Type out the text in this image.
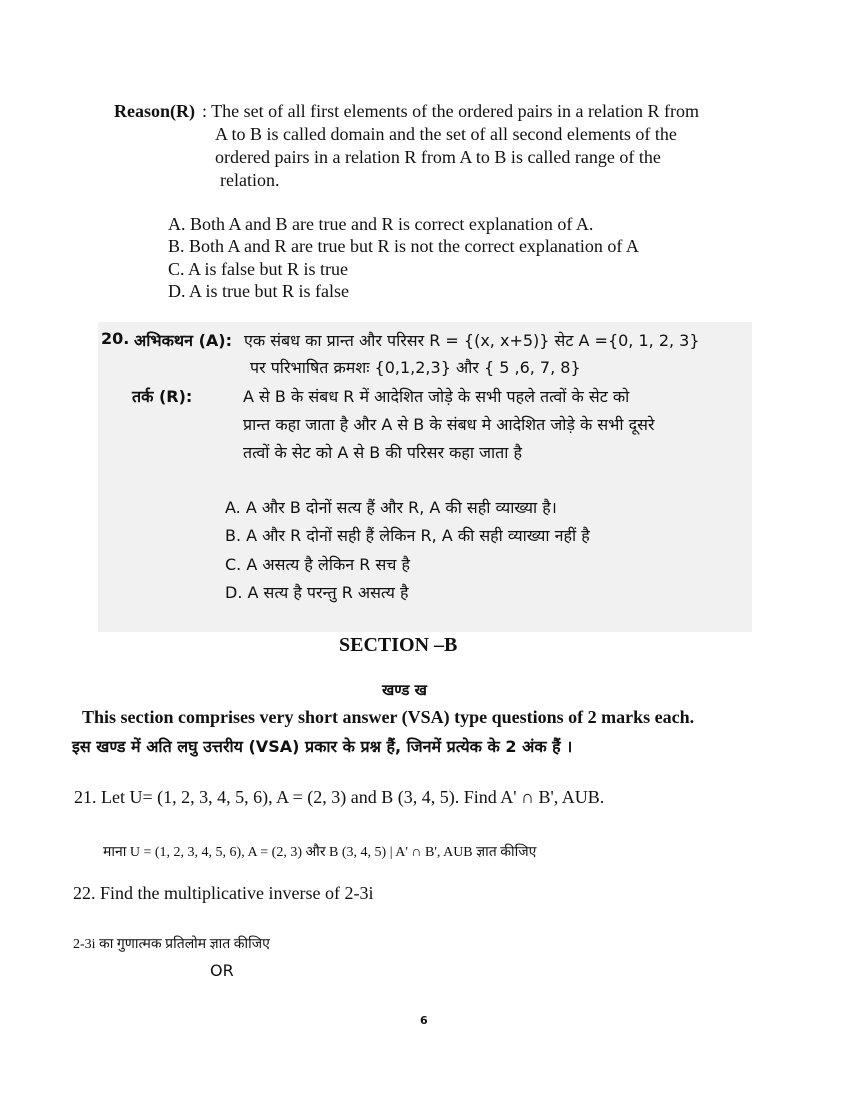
Reason(R) : The set of all first elements of the ordered pairs in a relation R from
A to B is called domain and the set of all second elements of the
ordered pairs in a relation R from A to B is called range of the
relation.
A. Both A and B are true and R is correct explanation of A.
B. Both A and R are true but R is not the correct explanation of A
C. A is false but R is true
D. A is true but R is false
20. अभिकथन (A): एक संबध का प्रान्त और परिसर R = {(x, x+5)} सेट A ={0, 1, 2, 3}
पर परिभाषित क्रमशः {0,1,2,3} और { 5 ,6, 7, 8}
तर्क (R):	A से B के संबध R में आदेशित जोड़े के सभी पहले तत्वों के सेट को
प्रान्त कहा जाता है और A से B के संबध मे आदेशित जोड़े के सभी दूसरे
तत्वों के सेट को A से B की परिसर कहा जाता है
A. A और B दोनों सत्य हैं और R, A की सही व्याख्या है।
B. A और R दोनों सही हैं लेकिन R, A की सही व्याख्या नहीं है
C. A असत्य है लेकिन R सच है
D. A सत्य है परन्तु R असत्य है
SECTION –B
खण्ड ख
This section comprises very short answer (VSA) type questions of 2 marks each.
इस खण्ड में अति लघु उत्तरीय (VSA) प्रकार के प्रश्न हैं, जिनमें प्रत्येक के 2 अंक हैं ।
21. Let U= (1, 2, 3, 4, 5, 6), A = (2, 3) and B (3, 4, 5). Find A' ∩ B', AUB.
माना U = (1, 2, 3, 4, 5, 6), A = (2, 3) और B (3, 4, 5) | A' ∩ B', AUB ज्ञात कीजिए
22. Find the multiplicative inverse of 2-3i
2-3i का गुणात्मक प्रतिलोम ज्ञात कीजिए
OR
6
